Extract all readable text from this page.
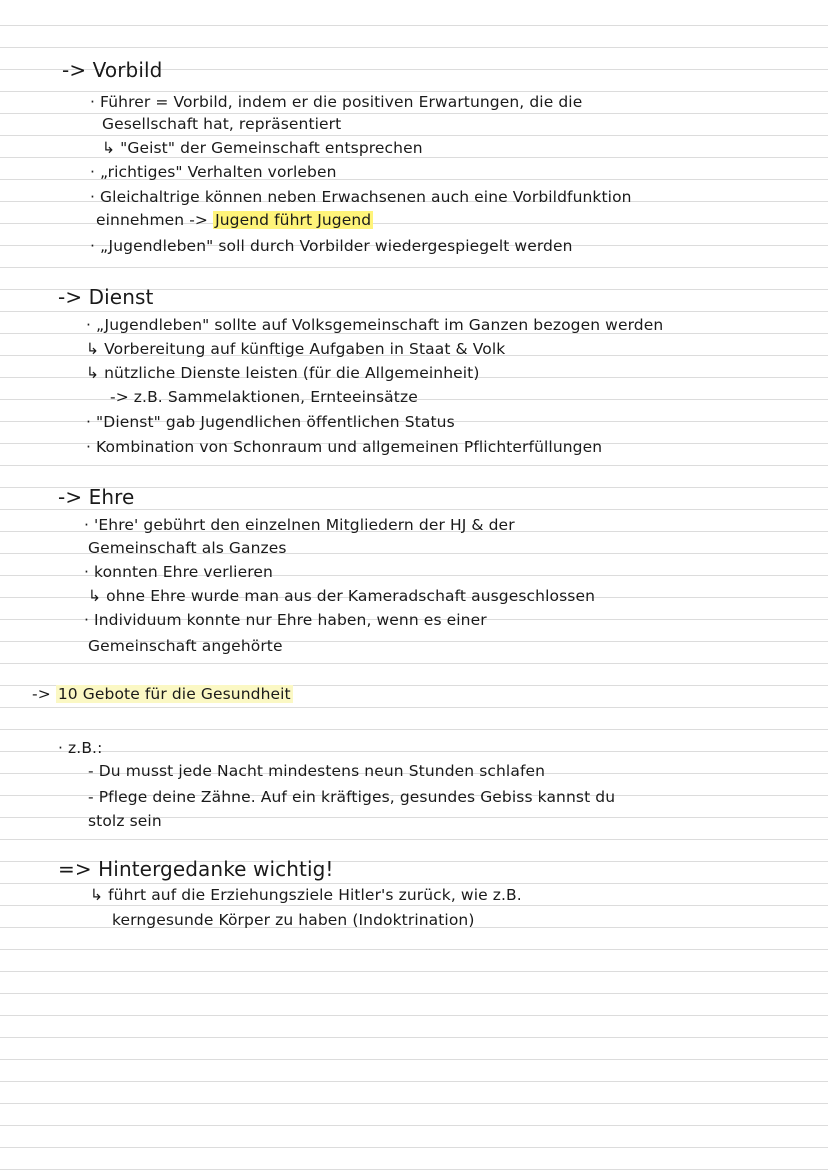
-> Vorbild
· Führer = Vorbild, indem er die positiven Erwartungen, die die
Gesellschaft hat, repräsentiert
↳ "Geist" der Gemeinschaft entsprechen
· „richtiges" Verhalten vorleben
· Gleichaltrige können neben Erwachsenen auch eine Vorbildfunktion
einnehmen -> Jugend führt Jugend
· „Jugendleben" soll durch Vorbilder wiedergespiegelt werden
-> Dienst
· „Jugendleben" sollte auf Volksgemeinschaft im Ganzen bezogen werden
↳ Vorbereitung auf künftige Aufgaben in Staat & Volk
↳ nützliche Dienste leisten (für die Allgemeinheit)
-> z.B. Sammelaktionen, Ernteeinsätze
· "Dienst" gab Jugendlichen öffentlichen Status
· Kombination von Schonraum und allgemeinen Pflichterfüllungen
-> Ehre
· 'Ehre' gebührt den einzelnen Mitgliedern der HJ & der
Gemeinschaft als Ganzes
· konnten Ehre verlieren
↳ ohne Ehre wurde man aus der Kameradschaft ausgeschlossen
· Individuum konnte nur Ehre haben, wenn es einer
Gemeinschaft angehörte
-> 10 Gebote für die Gesundheit
· z.B.:
- Du musst jede Nacht mindestens neun Stunden schlafen
- Pflege deine Zähne. Auf ein kräftiges, gesundes Gebiss kannst du
stolz sein
=> Hintergedanke wichtig!
↳ führt auf die Erziehungsziele Hitler's zurück, wie z.B.
kerngesunde Körper zu haben (Indoktrination)
